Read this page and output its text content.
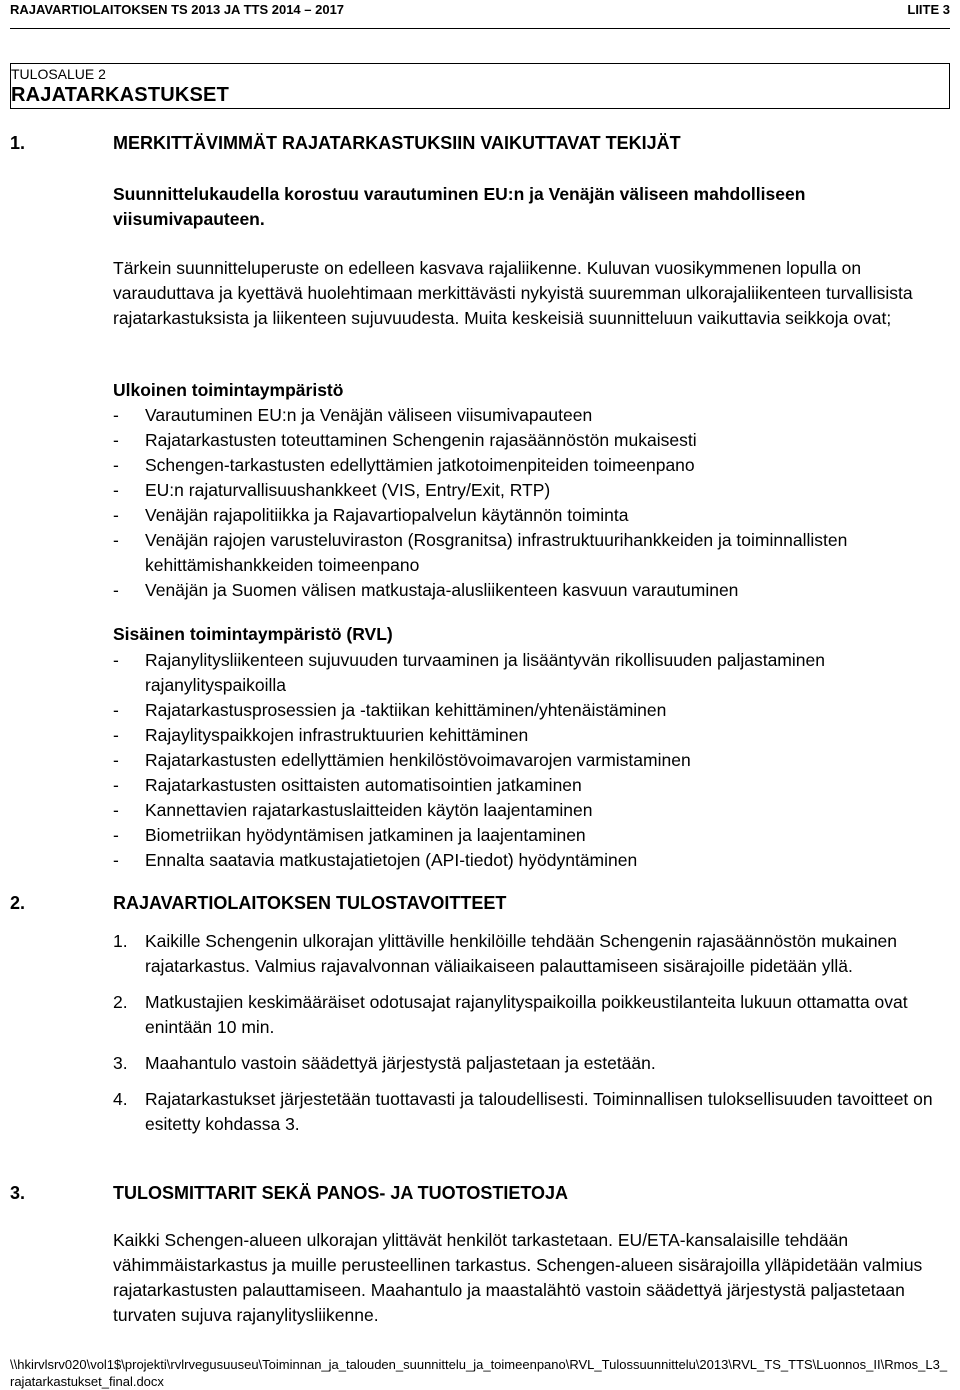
RAJAVARTIOLAITOKSEN TS 2013 JA TTS 2014 – 2017	LIITE 3
TULOSALUE 2
RAJATARKASTUKSET
1.	MERKITTÄVIMMÄT RAJATARKASTUKSIIN VAIKUTTAVAT TEKIJÄT

Suunnittelukaudella korostuu varautuminen EU:n ja Venäjän väliseen mahdolliseen viisumivapauteen.

Tärkein suunnitteluperuste on edelleen kasvava rajaliikenne. Kuluvan vuosikymmenen lopulla on varauduttava ja kyettävä huolehtimaan merkittävästi nykyistä suuremman ulkorajaliikenteen turvallisista rajatarkastuksista ja liikenteen sujuvuudesta. Muita keskeisiä suunnitteluun vaikuttavia seikkoja ovat;

Ulkoinen toimintaympäristö
- Varautuminen EU:n ja Venäjän väliseen viisumivapauteen
- Rajatarkastusten toteuttaminen Schengenin rajasäännöstön mukaisesti
- Schengen-tarkastusten edellyttämien jatkotoimenpiteiden toimeenpano
- EU:n rajaturvallisuushankkeet (VIS, Entry/Exit, RTP)
- Venäjän rajapolitiikka ja Rajavartiopalvelun käytännön toiminta
- Venäjän rajojen varusteluviraston (Rosgranitsa) infrastruktuurihankkeiden ja toiminnallisten kehittämishankkeiden toimeenpano
- Venäjän ja Suomen välisen matkustaja-alusliikenteen kasvuun varautuminen
Sisäinen toimintaympäristö (RVL)
- Rajanylitysliikenteen sujuvuuden turvaaminen ja lisääntyvän rikollisuuden paljastaminen rajanylityspaikoilla
- Rajatarkastusprosessien ja -taktiikan kehittäminen/yhtenäistäminen
- Rajaylityspaikkojen infrastruktuurien kehittäminen
- Rajatarkastusten edellyttämien henkilöstövoimavarojen varmistaminen
- Rajatarkastusten osittaisten automatisointien jatkaminen
- Kannettavien rajatarkastuslaitteiden käytön laajentaminen
- Biometriikan hyödyntämisen jatkaminen ja laajentaminen
- Ennalta saatavia matkustajatietojen (API-tiedot) hyödyntäminen
2.	RAJAVARTIOLAITOKSEN TULOSTAVOITTEET
1. Kaikille Schengenin ulkorajan ylittäville henkilöille tehdään Schengenin rajasäännöstön mukainen rajatarkastus. Valmius rajavalvonnan väliaikaiseen palauttamiseen sisärajoille pidetään yllä.
2. Matkustajien keskimääräiset odotusajat rajanylityspaikoilla poikkeustilanteita lukuun ottamatta ovat enintään 10 min.
3. Maahantulo vastoin säädettyä järjestystä paljastetaan ja estetään.
4. Rajatarkastukset järjestetään tuottavasti ja taloudellisesti. Toiminnallisen tuloksellisuuden tavoitteet on esitetty kohdassa 3.
3.	TULOSMITTARIT SEKÄ PANOS- JA TUOTOSTIETOJA

Kaikki Schengen-alueen ulkorajan ylittävät henkilöt tarkastetaan. EU/ETA-kansalaisille tehdään vähimmäistarkastus ja muille perusteellinen tarkastus. Schengen-alueen sisärajoilla ylläpidetään valmius rajatarkastusten palauttamiseen. Maahantulo ja maastalähtö vastoin säädettyä järjestystä paljastetaan turvaten sujuva rajanylitysliikenne.

\\hkirvlsrv020\vol1$\projekti\rvlrvegusuuseu\Toiminnan_ja_talouden_suunnittelu_ja_toimeenpano\RVL_Tulossuunnittelu\2013\RVL_TS_TTS\Luonnos_II\Rmos_L3_rajatarkastukset_final.docx
